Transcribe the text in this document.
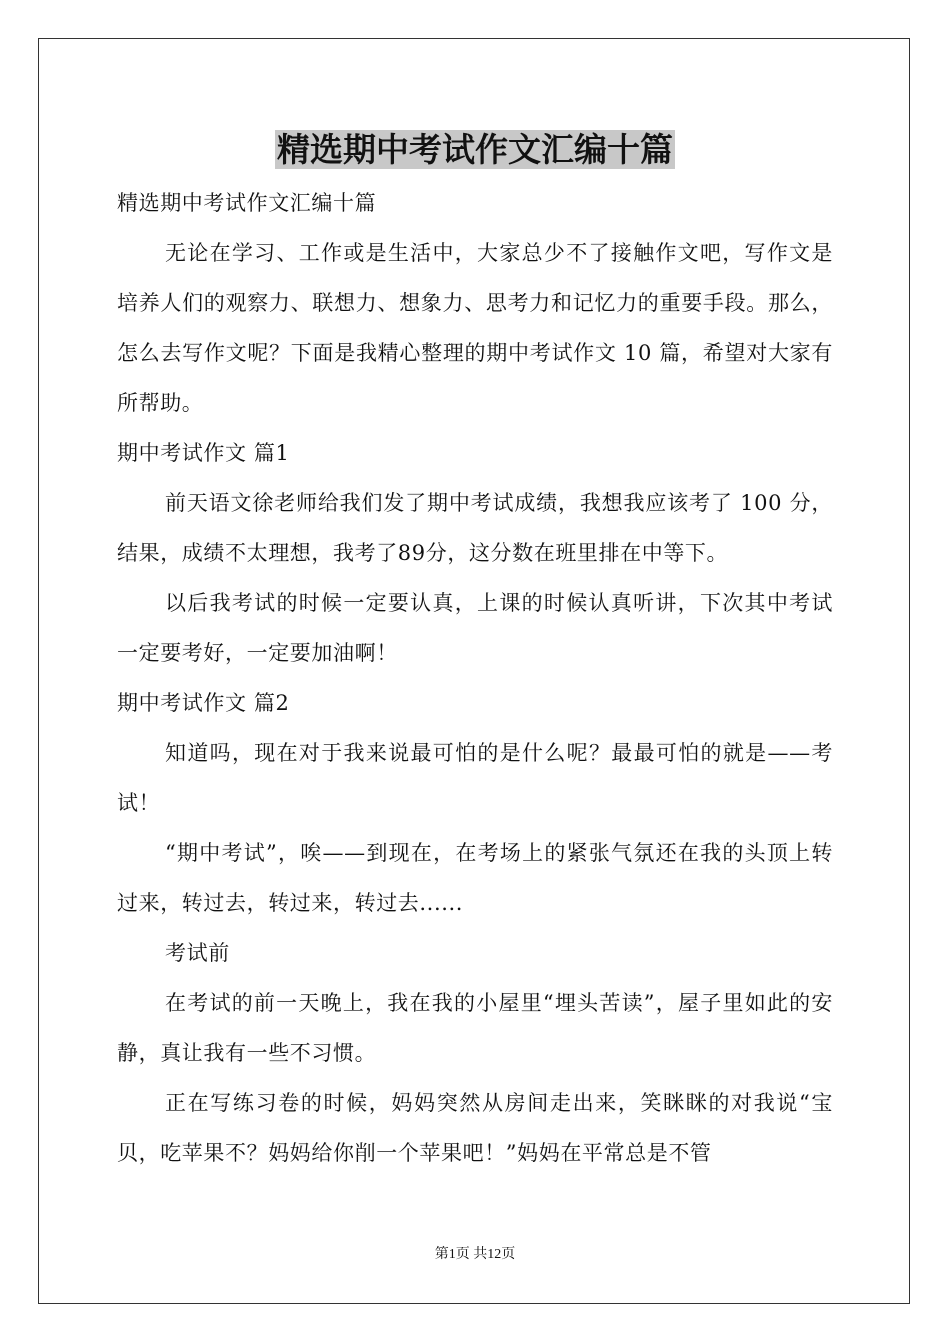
精选期中考试作文汇编十篇

精选期中考试作文汇编十篇

无论在学习、工作或是生活中，大家总少不了接触作文吧，写作文是培养人们的观察力、联想力、想象力、思考力和记忆力的重要手段。那么，怎么去写作文呢？下面是我精心整理的期中考试作文 10 篇，希望对大家有所帮助。

期中考试作文 篇1

前天语文徐老师给我们发了期中考试成绩，我想我应该考了 100 分，结果，成绩不太理想，我考了89分，这分数在班里排在中等下。

以后我考试的时候一定要认真，上课的时候认真听讲，下次其中考试一定要考好，一定要加油啊！

期中考试作文 篇2

知道吗，现在对于我来说最可怕的是什么呢？最最可怕的就是——考试！

“期中考试”，唉——到现在，在考场上的紧张气氛还在我的头顶上转过来，转过去，转过来，转过去......

考试前

在考试的前一天晚上，我在我的小屋里“埋头苦读”，屋子里如此的安静，真让我有一些不习惯。

正在写练习卷的时候，妈妈突然从房间走出来，笑眯眯的对我说“宝贝，吃苹果不？妈妈给你削一个苹果吧！”妈妈在平常总是不管

第1页 共12页
